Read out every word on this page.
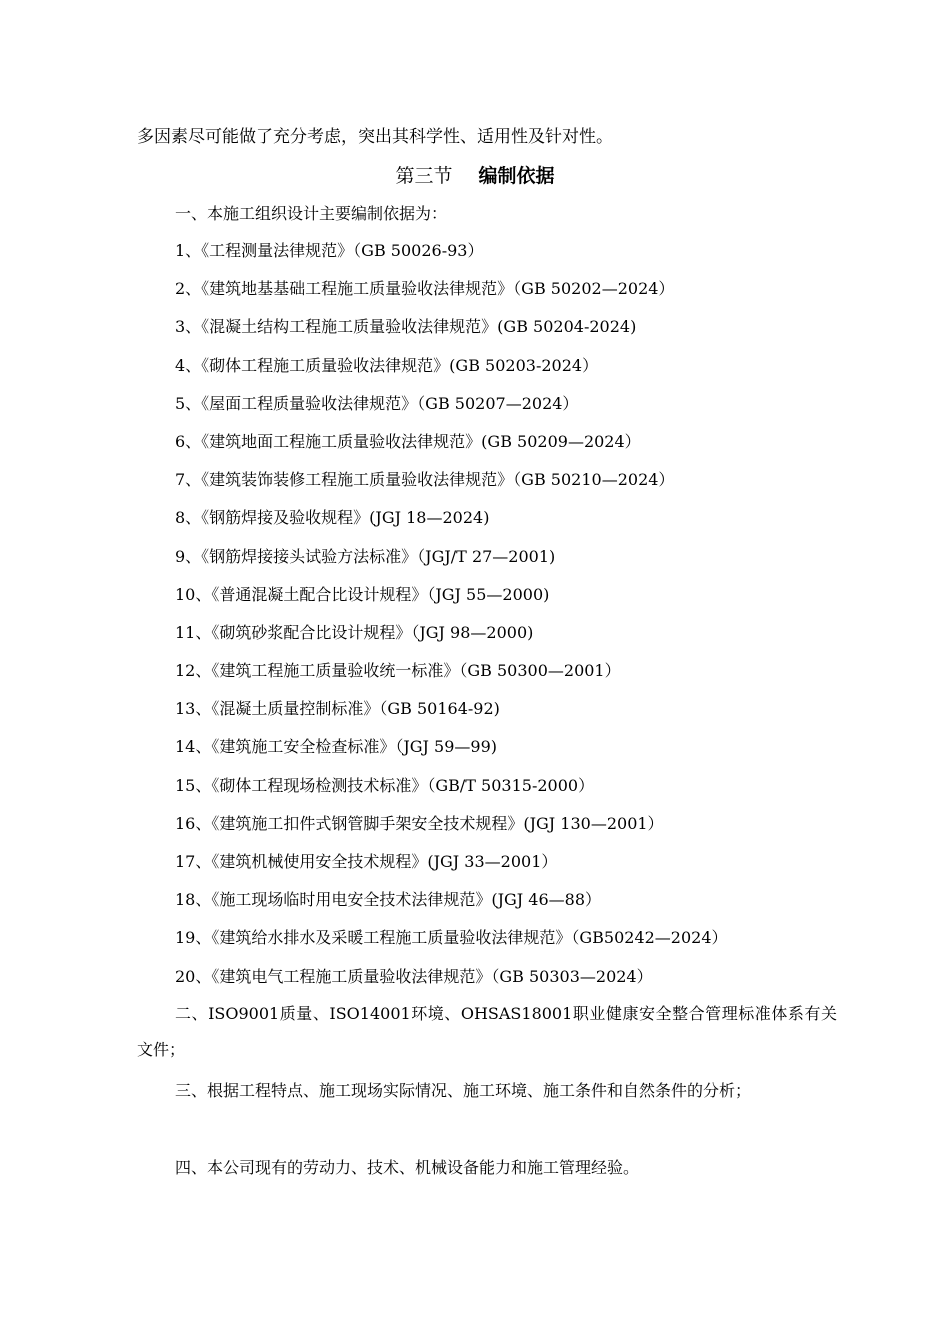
多因素尽可能做了充分考虑，突出其科学性、适用性及针对性。
第三节 编制依据
一、本施工组织设计主要编制依据为：
1、《工程测量法律规范》（GB 50026-93）
2、《建筑地基基础工程施工质量验收法律规范》（GB 50202—2024）
3、《混凝土结构工程施工质量验收法律规范》(GB 50204-2024)
4、《砌体工程施工质量验收法律规范》(GB 50203-2024）
5、《屋面工程质量验收法律规范》（GB 50207—2024）
6、《建筑地面工程施工质量验收法律规范》(GB 50209—2024）
7、《建筑装饰装修工程施工质量验收法律规范》（GB 50210—2024）
8、《钢筋焊接及验收规程》(JGJ 18—2024)
9、《钢筋焊接接头试验方法标准》（JGJ/T 27—2001)
10、《普通混凝土配合比设计规程》（JGJ 55—2000)
11、《砌筑砂浆配合比设计规程》（JGJ 98—2000)
12、《建筑工程施工质量验收统一标准》（GB 50300—2001）
13、《混凝土质量控制标准》（GB 50164-92)
14、《建筑施工安全检查标准》（JGJ 59—99)
15、《砌体工程现场检测技术标准》（GB/T 50315-2000）
16、《建筑施工扣件式钢管脚手架安全技术规程》(JGJ 130—2001）
17、《建筑机械使用安全技术规程》(JGJ 33—2001）
18、《施工现场临时用电安全技术法律规范》(JGJ 46—88）
19、《建筑给水排水及采暖工程施工质量验收法律规范》（GB50242—2024）
20、《建筑电气工程施工质量验收法律规范》（GB 50303—2024）

二、ISO9001质量、ISO14001环境、OHSAS18001职业健康安全整合管理标准体系有关文件；

三、根据工程特点、施工现场实际情况、施工环境、施工条件和自然条件的分析；

四、本公司现有的劳动力、技术、机械设备能力和施工管理经验。
